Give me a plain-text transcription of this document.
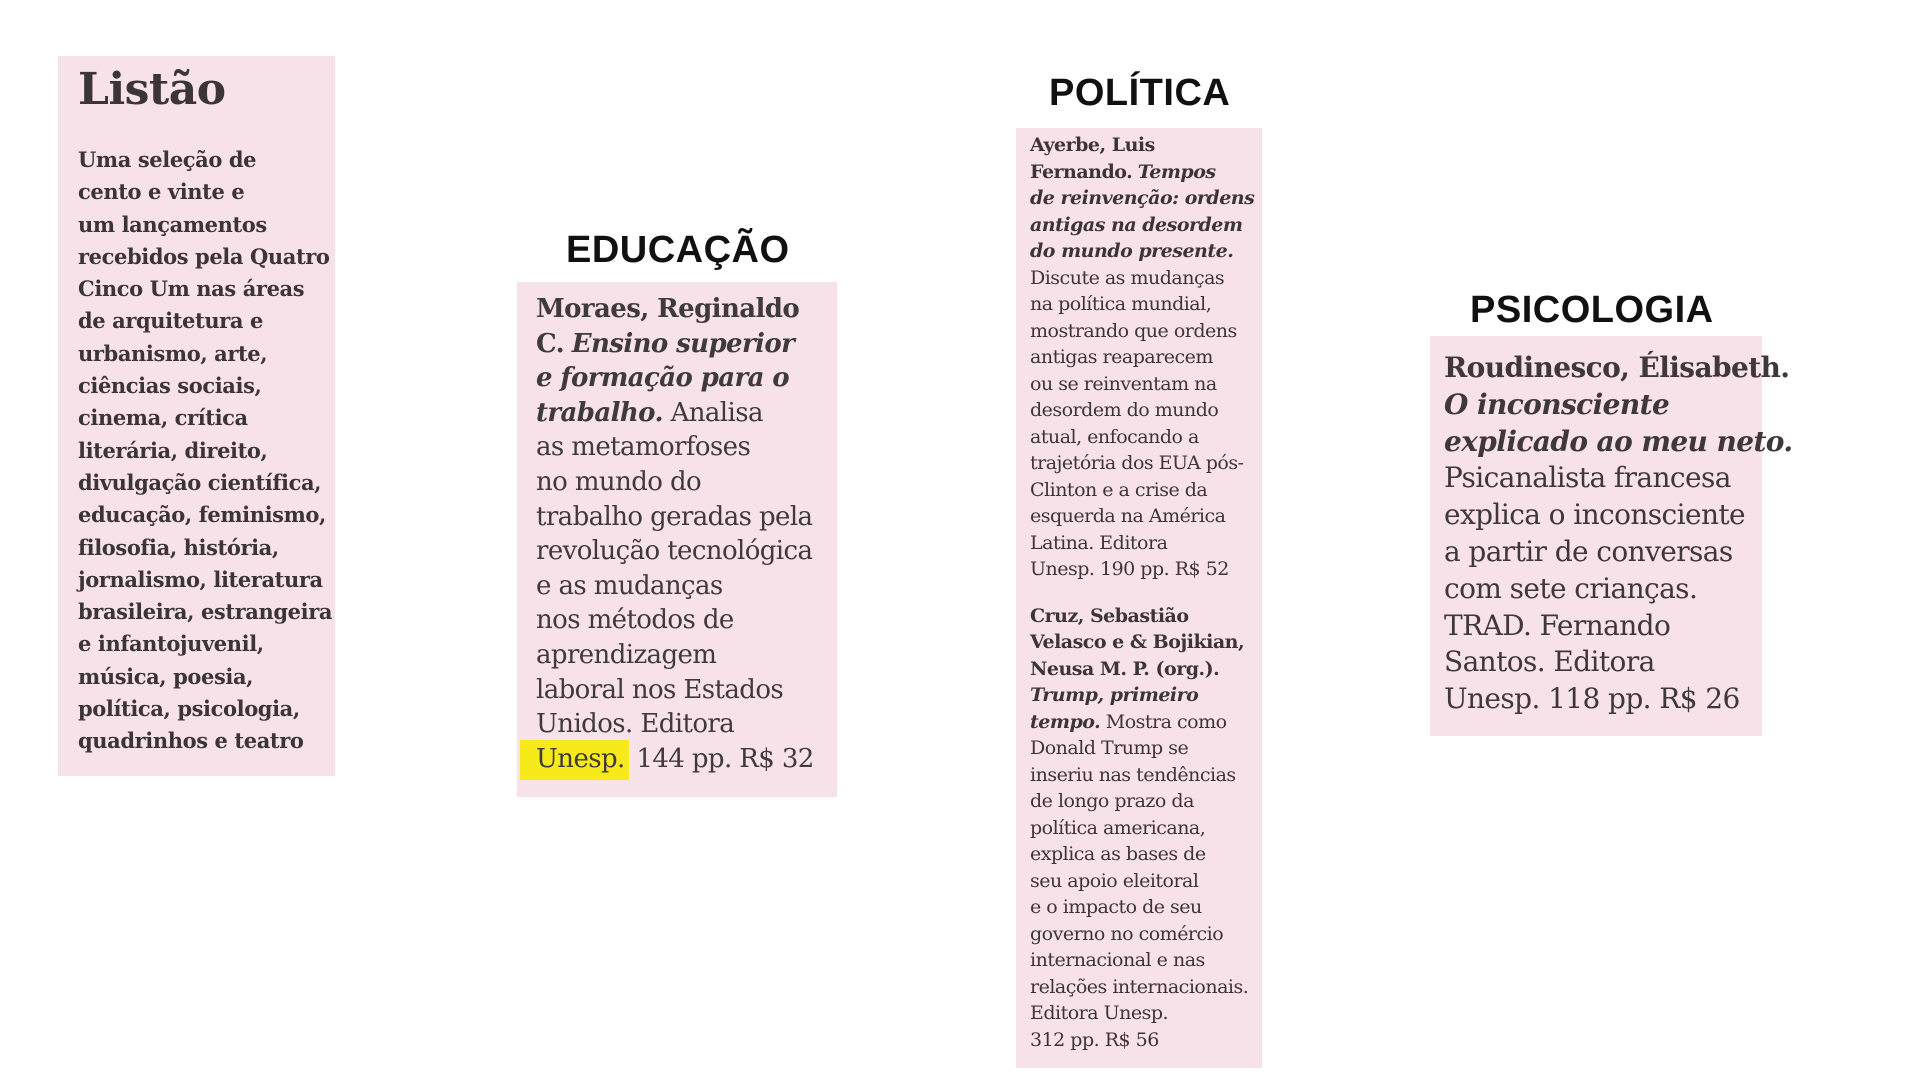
Listão
Uma seleção de
cento e vinte e
um lançamentos
recebidos pela Quatro
Cinco Um nas áreas
de arquitetura e
urbanismo, arte,
ciências sociais,
cinema, crítica
literária, direito,
divulgação científica,
educação, feminismo,
filosofia, história,
jornalismo, literatura
brasileira, estrangeira
e infantojuvenil,
música, poesia,
política, psicologia,
quadrinhos e teatro
EDUCAÇÃO
Moraes, Reginaldo
C. Ensino superior
e formação para o
trabalho. Analisa
as metamorfoses
no mundo do
trabalho geradas pela
revolução tecnológica
e as mudanças
nos métodos de
aprendizagem
laboral nos Estados
Unidos. Editora
Unesp. 144 pp. R$ 32
POLÍTICA
Ayerbe, Luis
Fernando. Tempos
de reinvenção: ordens
antigas na desordem
do mundo presente.
Discute as mudanças
na política mundial,
mostrando que ordens
antigas reaparecem
ou se reinventam na
desordem do mundo
atual, enfocando a
trajetória dos EUA pós-
Clinton e a crise da
esquerda na América
Latina. Editora
Unesp. 190 pp. R$ 52
Cruz, Sebastião
Velasco e & Bojikian,
Neusa M. P. (org.).
Trump, primeiro
tempo. Mostra como
Donald Trump se
inseriu nas tendências
de longo prazo da
política americana,
explica as bases de
seu apoio eleitoral
e o impacto de seu
governo no comércio
internacional e nas
relações internacionais.
Editora Unesp.
312 pp. R$ 56
PSICOLOGIA
Roudinesco, Élisabeth.
O inconsciente
explicado ao meu neto.
Psicanalista francesa
explica o inconsciente
a partir de conversas
com sete crianças.
TRAD. Fernando
Santos. Editora
Unesp. 118 pp. R$ 26
